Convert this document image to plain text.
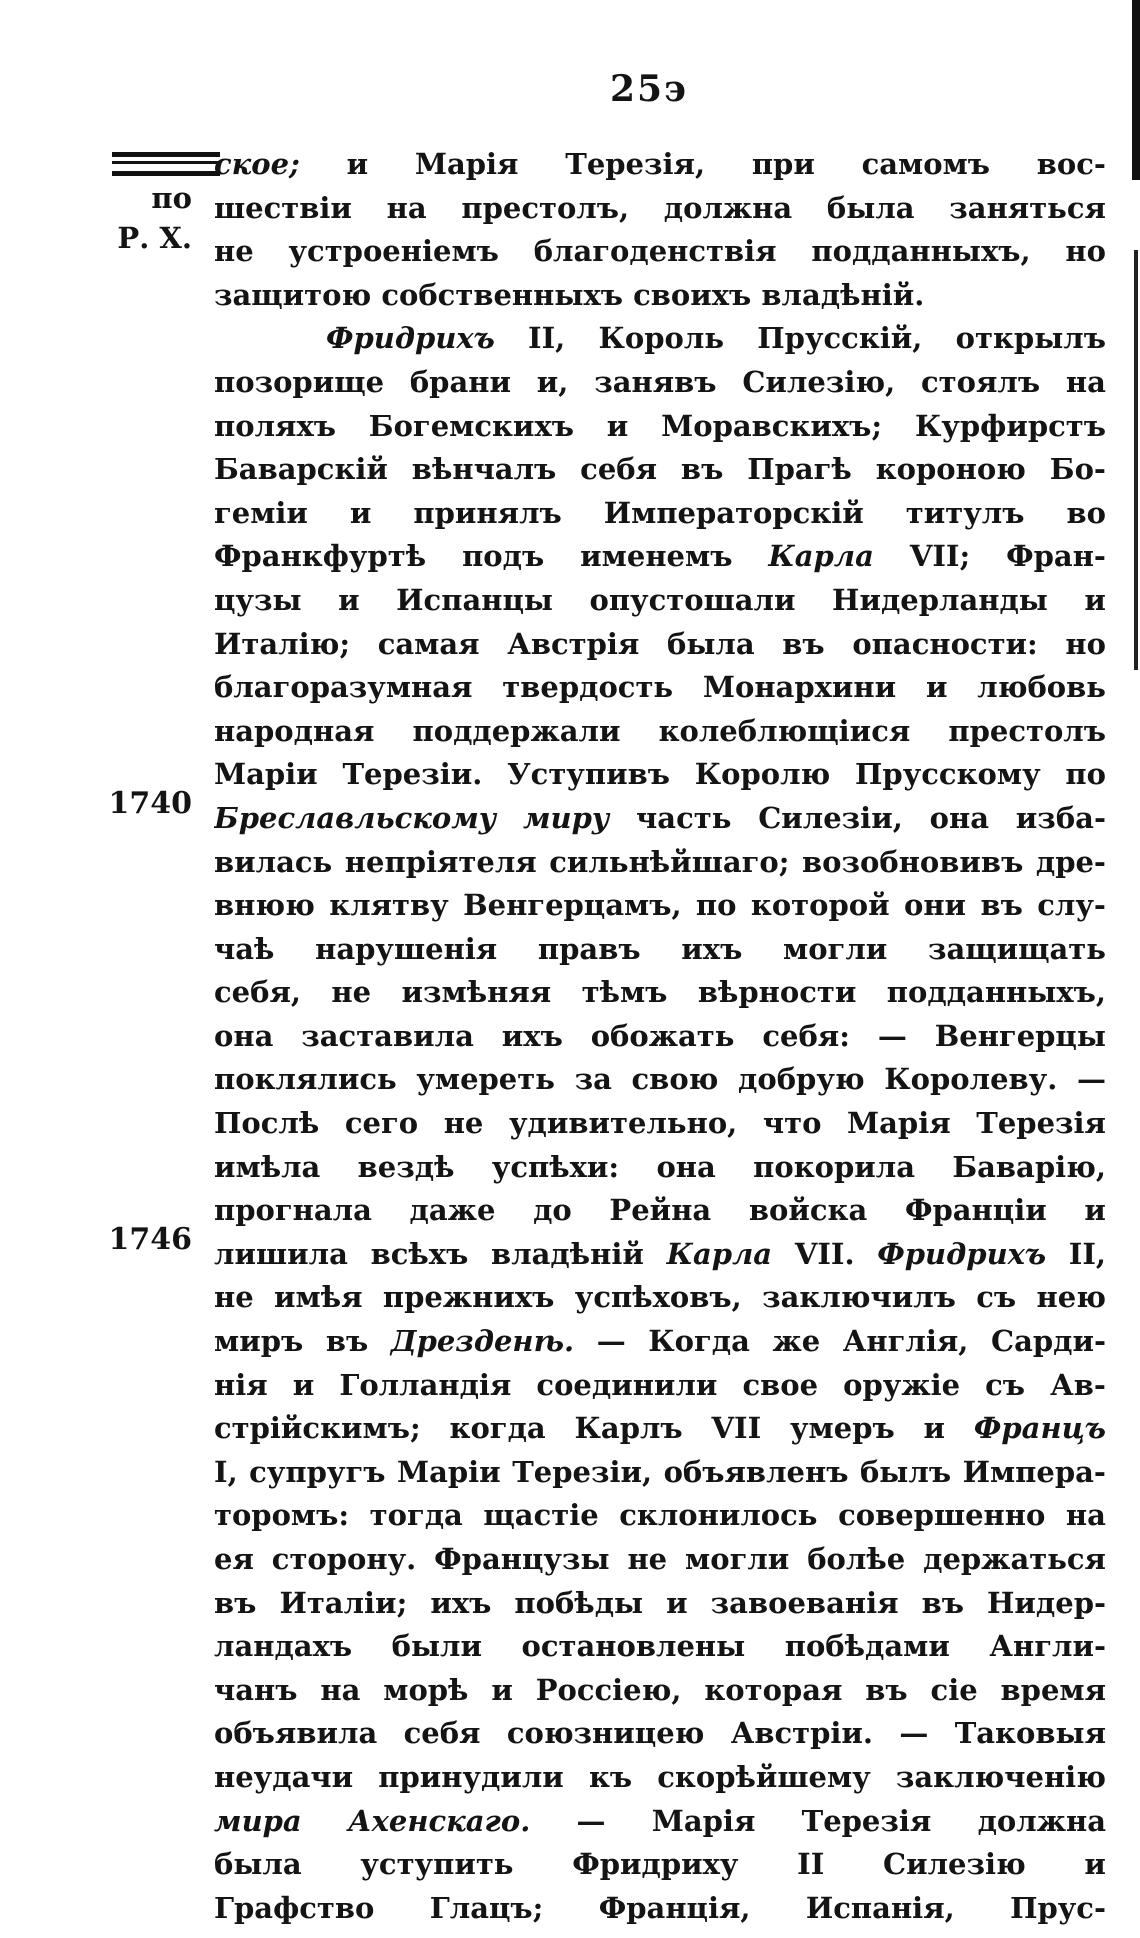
25э
по
Р. Х.
1740
1746
ское; и Марія Терезія, при самомъ вос-
шествіи на престолъ, должна была заняться
не устроеніемъ благоденствія подданныхъ, но
защитою собственныхъ своихъ владѣній.
Фридрихъ II, Король Прусскій, открылъ
позорище брани и, занявъ Силезію, стоялъ на
поляхъ Богемскихъ и Моравскихъ; Курфирстъ
Баварскій вѣнчалъ себя въ Прагѣ короною Бо-
геміи и принялъ Императорскій титулъ во
Франкфуртѣ подъ именемъ Карла VII; Фран-
цузы и Испанцы опустошали Нидерланды и
Италію; самая Австрія была въ опасности: но
благоразумная твердость Монархини и любовь
народная поддержали колеблющіися престолъ
Маріи Терезіи. Уступивъ Королю Прусскому по
Бреславльскому миру часть Силезіи, она изба-
вилась непріятеля сильнѣйшаго; возобновивъ дре-
внюю клятву Венгерцамъ, по которой они въ слу-
чаѣ нарушенія правъ ихъ могли защищать
себя, не измѣняя тѣмъ вѣрности подданныхъ,
она заставила ихъ обожать себя: — Венгерцы
поклялись умереть за свою добрую Королеву. —
Послѣ сего не удивительно, что Марія Терезія
имѣла вездѣ успѣхи: она покорила Баварію,
прогнала даже до Рейна войска Франціи и
лишила всѣхъ владѣній Карла VII. Фридрихъ II,
не имѣя прежнихъ успѣховъ, заключилъ съ нею
миръ въ Дрезденѣ. — Когда же Англія, Сарди-
нія и Голландія соединили свое оружіе съ Ав-
стрійскимъ; когда Карлъ VII умеръ и Францъ
I, супругъ Маріи Терезіи, объявленъ былъ Импера-
торомъ: тогда щастіе склонилось совершенно на
ея сторону. Французы не могли болѣе держаться
въ Италіи; ихъ побѣды и завоеванія въ Нидер-
ландахъ были остановлены побѣдами Англи-
чанъ на морѣ и Россіею, которая въ сіе время
объявила себя союзницею Австріи. — Таковыя
неудачи принудили къ скорѣйшему заключенію
мира Ахенскаго. — Марія Терезія должна
была уступить Фридриху II Силезію и
Графство Глацъ; Франція, Испанія, Прус-
